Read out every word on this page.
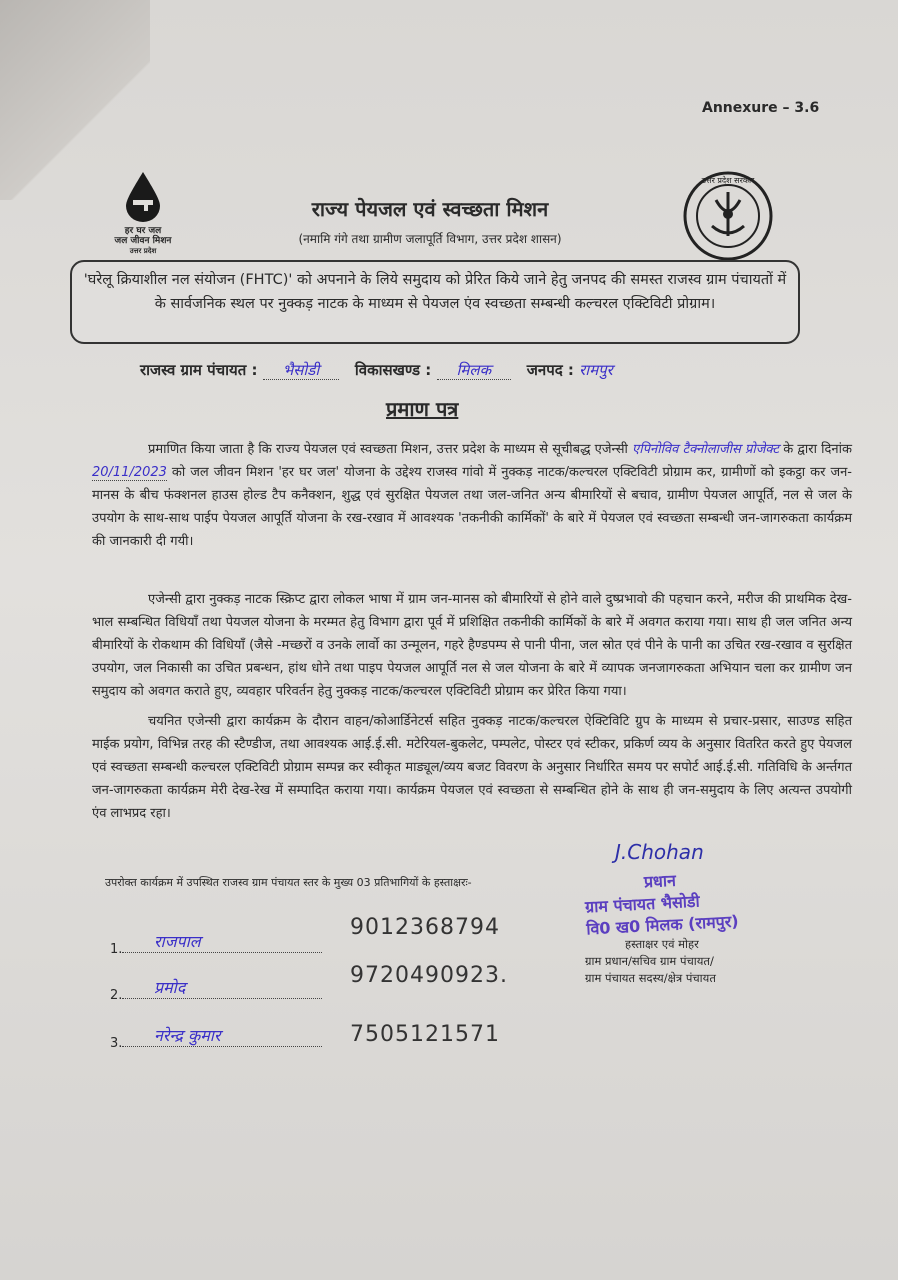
Annexure – 3.6
हर घर जल
जल जीवन मिशन
उत्तर प्रदेश
उत्तर प्रदेश सरकार
राज्य पेयजल एवं स्वच्छता मिशन
(नमामि गंगे तथा ग्रामीण जलापूर्ति विभाग, उत्तर प्रदेश शासन)
'घरेलू क्रियाशील नल संयोजन (FHTC)' को अपनाने के लिये समुदाय को प्रेरित किये जाने हेतु जनपद की समस्त राजस्व ग्राम पंचायतों में के सार्वजनिक स्थल पर नुक्कड़ नाटक के माध्यम से पेयजल एंव स्वच्छता सम्बन्धी कल्चरल एक्टिविटी प्रोग्राम।
राजस्व ग्राम पंचायत : भैसोडी विकासखण्ड : मिलक जनपद : रामपुर
प्रमाण पत्र
प्रमाणित किया जाता है कि राज्य पेयजल एवं स्वच्छता मिशन, उत्तर प्रदेश के माध्यम से सूचीबद्ध एजेन्सी एपिनोविव टैक्नोलाजीस प्रोजेक्ट के द्वारा दिनांक 20/11/2023 को जल जीवन मिशन 'हर घर जल' योजना के उद्देश्य राजस्व गांवो में नुक्कड़ नाटक/कल्चरल एक्टिविटी प्रोग्राम कर, ग्रामीणों को इकट्ठा कर जन-मानस के बीच फंक्शनल हाउस होल्ड टैप कनैक्शन, शुद्ध एवं सुरक्षित पेयजल तथा जल-जनित अन्य बीमारियों से बचाव, ग्रामीण पेयजल आपूर्ति, नल से जल के उपयोग के साथ-साथ पाईप पेयजल आपूर्ति योजना के रख-रखाव में आवश्यक 'तकनीकी कार्मिकों' के बारे में पेयजल एवं स्वच्छता सम्बन्धी जन-जागरुकता कार्यक्रम की जानकारी दी गयी।
एजेन्सी द्वारा नुक्कड़ नाटक स्क्रिप्ट द्वारा लोकल भाषा में ग्राम जन-मानस को बीमारियों से होने वाले दुष्प्रभावो की पहचान करने, मरीज की प्राथमिक देख-भाल सम्बन्धित विधियाँ तथा पेयजल योजना के मरम्मत हेतु विभाग द्वारा पूर्व में प्रशिक्षित तकनीकी कार्मिकों के बारे में अवगत कराया गया। साथ ही जल जनित अन्य बीमारियों के रोकथाम की विधियाँ (जैसे -मच्छरों व उनके लार्वो का उन्मूलन, गहरे हैण्डपम्प से पानी पीना, जल स्रोत एवं पीने के पानी का उचित रख-रखाव व सुरक्षित उपयोग, जल निकासी का उचित प्रबन्धन, हांथ धोने तथा पाइप पेयजल आपूर्ति नल से जल योजना के बारे में व्यापक जनजागरुकता अभियान चला कर ग्रामीण जन समुदाय को अवगत कराते हुए, व्यवहार परिवर्तन हेतु नुक्कड़ नाटक/कल्चरल एक्टिविटी प्रोग्राम कर प्रेरित किया गया।
चयनित एजेन्सी द्वारा कार्यक्रम के दौरान वाहन/कोआर्डिनेटर्स सहित नुक्कड़ नाटक/कल्चरल ऐक्टिविटि ग्रुप के माध्यम से प्रचार-प्रसार, साउण्ड सहित माईक प्रयोग, विभिन्न तरह की स्टैण्डीज, तथा आवश्यक आई.ई.सी. मटेरियल-बुकलेट, पम्पलेट, पोस्टर एवं स्टीकर, प्रकिर्ण व्यय के अनुसार वितरित करते हुए पेयजल एवं स्वच्छता सम्बन्धी कल्चरल एक्टिविटी प्रोग्राम सम्पन्न कर स्वीकृत माड्यूल/व्यय बजट विवरण के अनुसार निर्धारित समय पर सपोर्ट आई.ई.सी. गतिविधि के अर्न्तगत जन-जागरुकता कार्यक्रम मेरी देख-रेख में सम्पादित कराया गया। कार्यक्रम पेयजल एवं स्वच्छता से सम्बन्धित होने के साथ ही जन-समुदाय के लिए अत्यन्त उपयोगी एंव लाभप्रद रहा।
उपरोक्त कार्यक्रम में उपस्थित राजस्व ग्राम पंचायत स्तर के मुख्य 03 प्रतिभागियों के हस्ताक्षरः-
1. राजपाल
9012368794
2. प्रमोद	9720490923.
3. नरेन्द्र कुमार	7505121571
J.Chohan
प्रधान
ग्राम पंचायत भैसोडी
वि0 ख0 मिलक (रामपुर)
हस्ताक्षर एवं मोहर
ग्राम प्रधान/सचिव ग्राम पंचायत/
ग्राम पंचायत सदस्य/क्षेत्र पंचायत
